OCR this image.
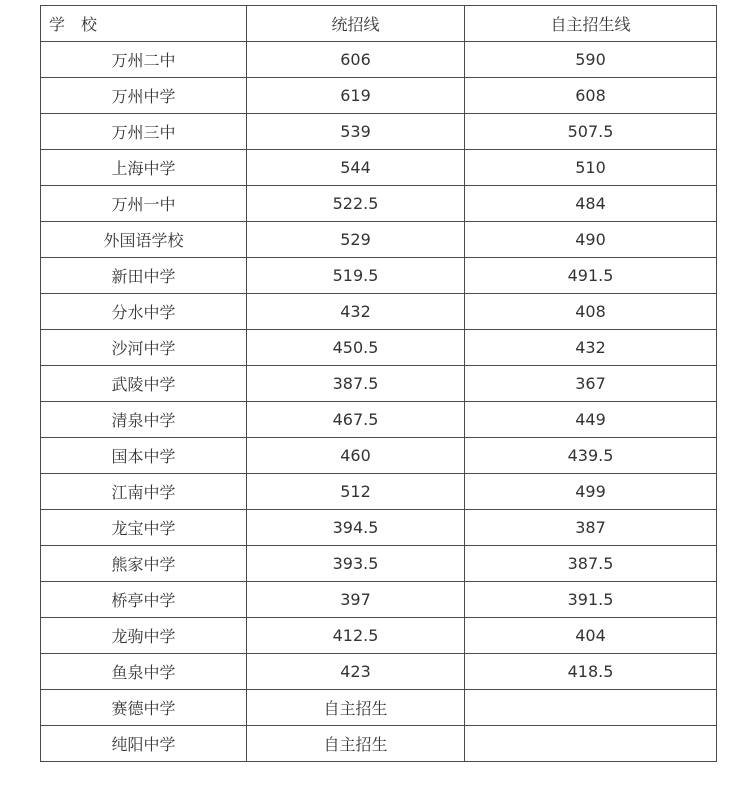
学　校	统招线	自主招生线
万州二中	606	590
万州中学	619	608
万州三中	539	507.5
上海中学	544	510
万州一中	522.5	484
外国语学校	529	490
新田中学	519.5	491.5
分水中学	432	408
沙河中学	450.5	432
武陵中学	387.5	367
清泉中学	467.5	449
国本中学	460	439.5
江南中学	512	499
龙宝中学	394.5	387
熊家中学	393.5	387.5
桥亭中学	397	391.5
龙驹中学	412.5	404
鱼泉中学	423	418.5
赛德中学	自主招生	
纯阳中学	自主招生	
